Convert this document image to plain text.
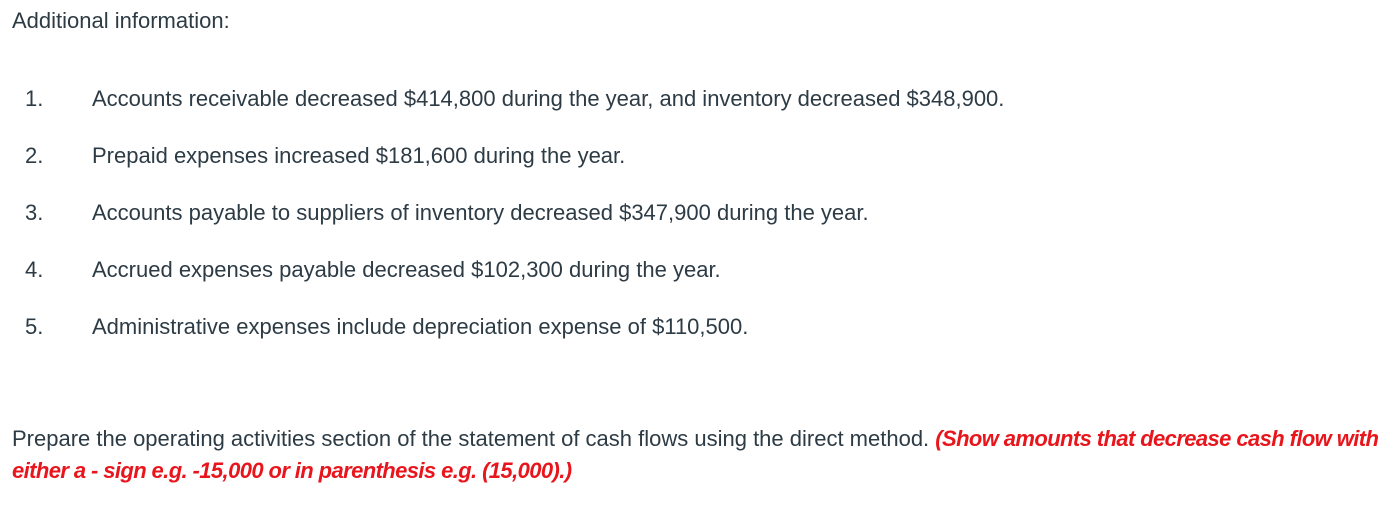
Additional information:
1.	Accounts receivable decreased $414,800 during the year, and inventory decreased $348,900.
2.	Prepaid expenses increased $181,600 during the year.
3.	Accounts payable to suppliers of inventory decreased $347,900 during the year.
4.	Accrued expenses payable decreased $102,300 during the year.
5.	Administrative expenses include depreciation expense of $110,500.

Prepare the operating activities section of the statement of cash flows using the direct method. (Show amounts that decrease cash flow with either a - sign e.g. -15,000 or in parenthesis e.g. (15,000).)
